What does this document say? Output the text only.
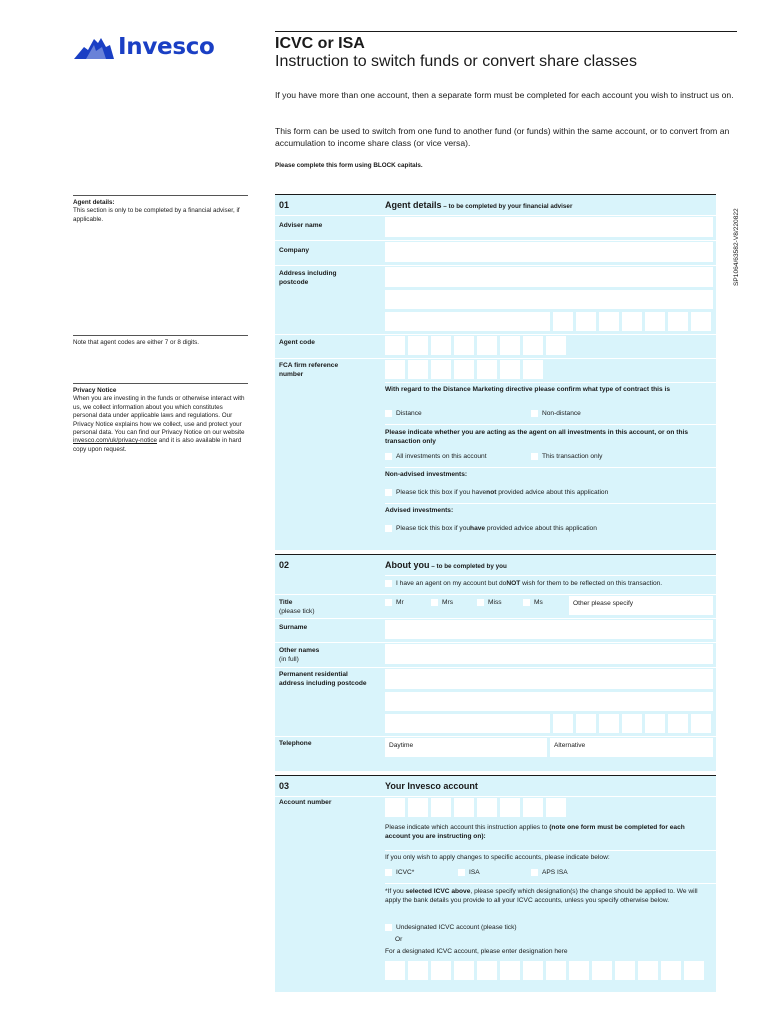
Invesco	ICVC or ISA
Instruction to switch funds or convert share classes
If you have more than one account, then a separate form must be completed for each account you wish to instruct us on.
This form can be used to switch from one fund to another fund (or funds) within the same account, or to convert from an accumulation to income share class (or vice versa).
Please complete this form using BLOCK capitals.
SP1064/63582-V8/220822
Agent details:
This section is only to be completed by a financial adviser, if applicable.
Note that agent codes are either 7 or 8 digits.
Privacy Notice
When you are investing in the funds or otherwise interact with us, we collect information about you which constitutes personal data under applicable laws and regulations. Our Privacy Notice explains how we collect, use and protect your personal data. You can find our Privacy Notice on our website invesco.com/uk/privacy-notice and it is also available in hard copy upon request.
01	Agent details – to be completed by your financial adviser
Adviser name
Company
Address including postcode
Agent code
FCA firm reference number
With regard to the Distance Marketing directive please confirm what type of contract this is
Distance	Non-distance
Please indicate whether you are acting as the agent on all investments in this account, or on this transaction only
All investments on this account	This transaction only
Non-advised investments:
Please tick this box if you have not
provided advice about this application
Advised investments:
Please tick this box if you have
provided advice about this application
02	About you – to be completed by you
I have an agent on my account but do NOT
wish for them to be reflected on this transaction.
Title
(please tick)
Mr	Mrs	Miss	Ms	Other please specify
Surname
Other names
(in full)
Permanent residential address including postcode
Telephone	Daytime	Alternative
03	Your Invesco account
Account number
Please indicate which account this instruction applies to (note one form must be completed for each account you are instructing on):
If you only wish to apply changes to specific accounts, please indicate below:
ICVC*	ISA	APS ISA
*If you selected ICVC above, please specify which designation(s) the change should be applied to. We will apply the bank details you provide to all your ICVC accounts, unless you specify otherwise below.
Undesignated ICVC account (please tick)
Or
For a designated ICVC account, please enter designation here
